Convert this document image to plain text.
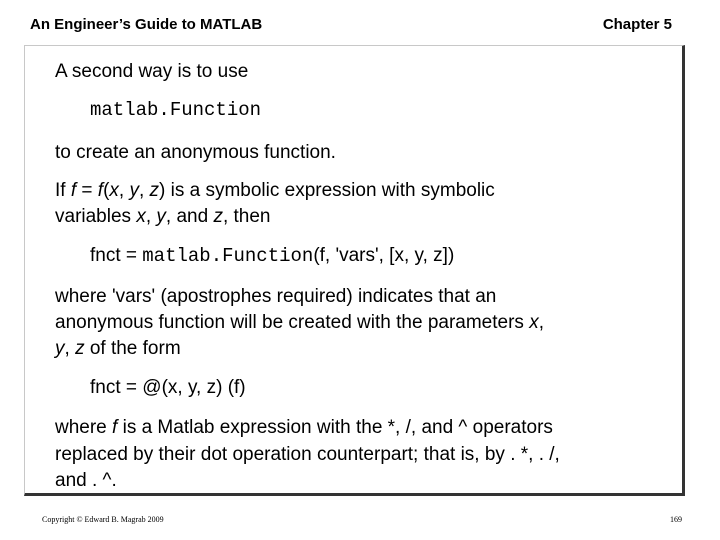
An Engineer’s Guide to MATLAB	Chapter 5
A second way is to use
matlab.Function
to create an anonymous function.
If f = f(x, y, z) is a symbolic expression with symbolic
variables x, y, and z, then
fnct = matlab.Function(f, 'vars', [x, y, z])
where 'vars' (apostrophes required) indicates that an
anonymous function will be created with the parameters x,
y, z of the form
fnct = @(x, y, z) (f)
where f is a Matlab expression with the *, /, and ^ operators
replaced by their dot operation counterpart; that is, by . *, . /,
and . ^.
Copyright © Edward B. Magrab 2009	169
